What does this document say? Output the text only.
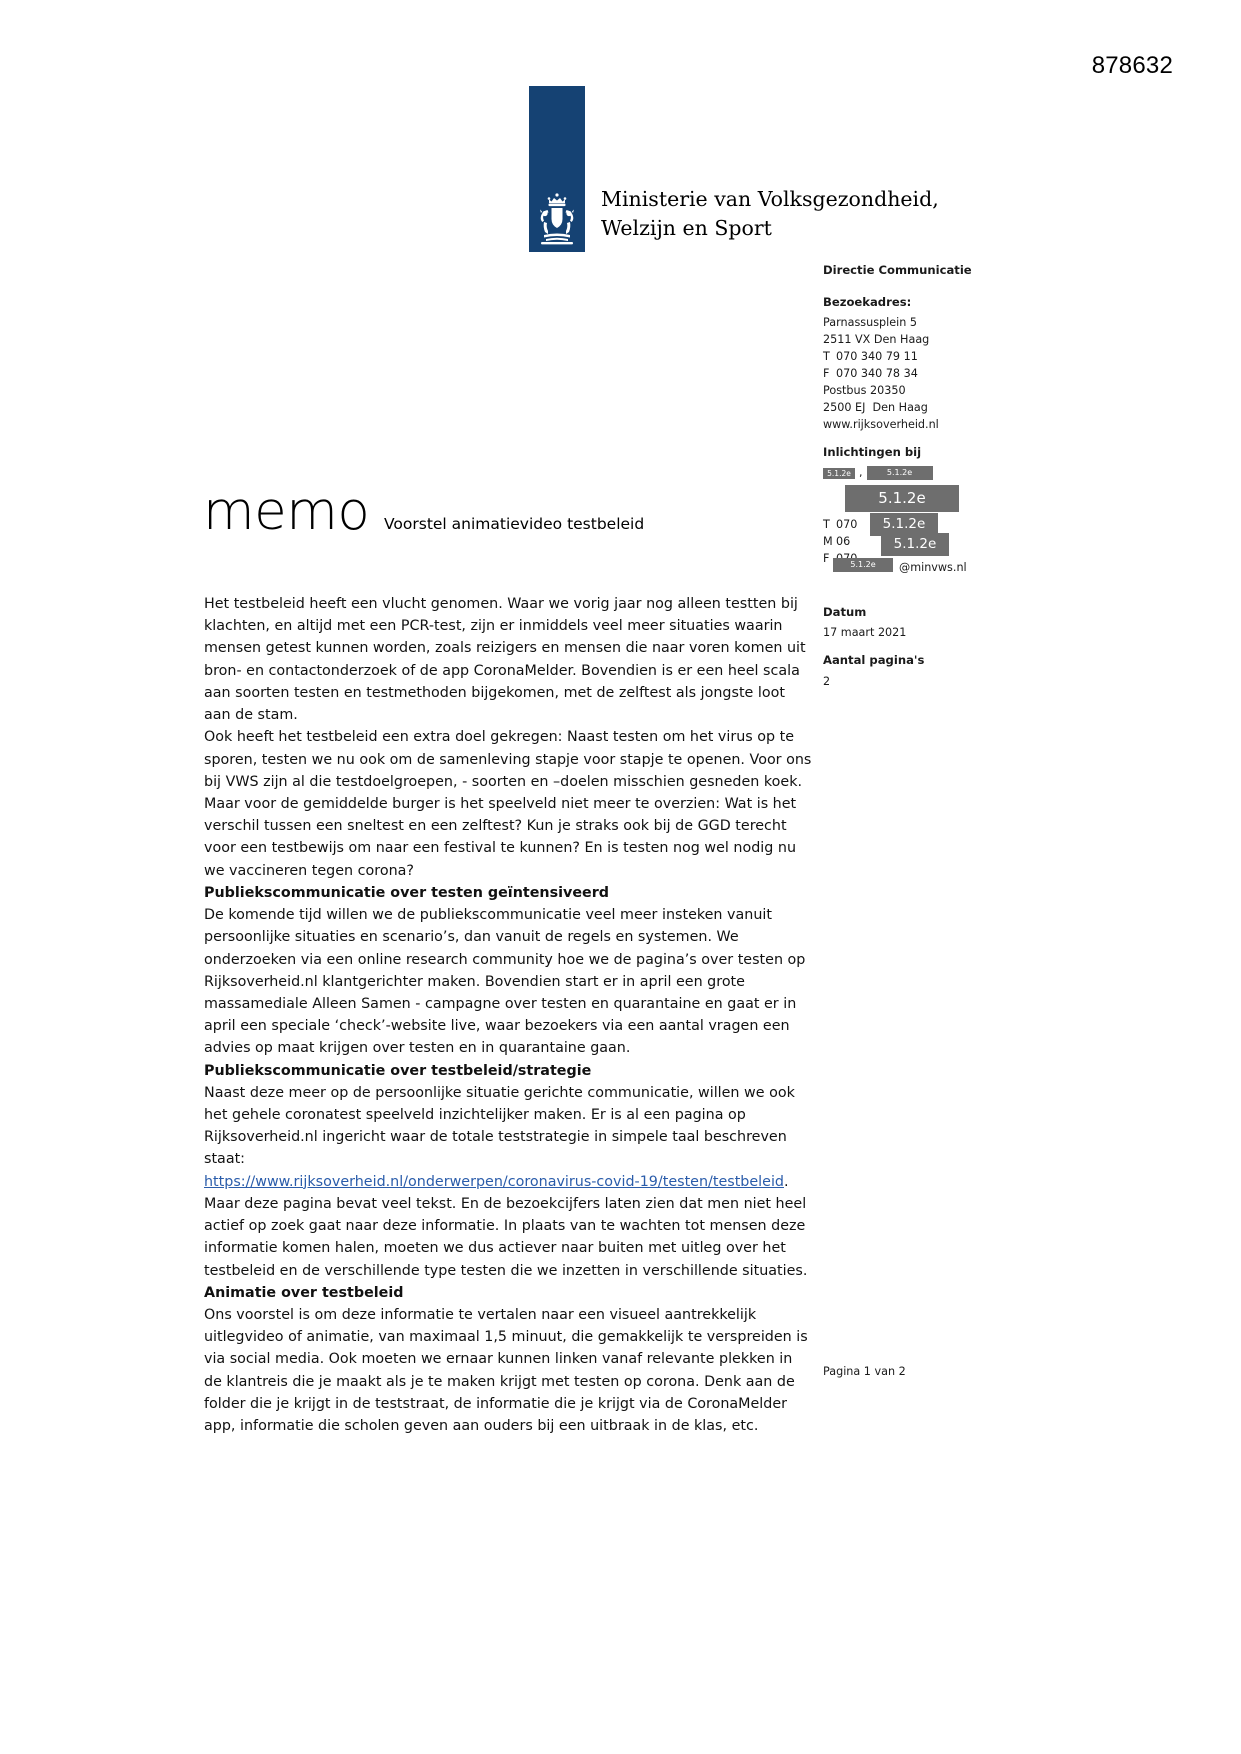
878632
Ministerie van Volksgezondheid,
Welzijn en Sport
Directie Communicatie
Bezoekadres:
Parnassusplein 5
2511 VX Den Haag
T 070 340 79 11
F 070 340 78 34
Postbus 20350
2500 EJ  Den Haag
www.rijksoverheid.nl
Inlichtingen bij
5.1.2e ,	5.1.2e
5.1.2e
T 070
M 06
F
5.1.2e
5.1.2e
5.1.2e	@minvws.nl
Datum
17 maart 2021
Aantal pagina's
2
memo Voorstel animatievideo testbeleid

Het testbeleid heeft een vlucht genomen. Waar we vorig jaar nog alleen testten bij klachten, en altijd met een PCR-test, zijn er inmiddels veel meer situaties waarin mensen getest kunnen worden, zoals reizigers en mensen die naar voren komen uit bron- en contactonderzoek of de app CoronaMelder. Bovendien is er een heel scala aan soorten testen en testmethoden bijgekomen, met de zelftest als jongste loot aan de stam.

Ook heeft het testbeleid een extra doel gekregen: Naast testen om het virus op te sporen, testen we nu ook om de samenleving stapje voor stapje te openen. Voor ons bij VWS zijn al die testdoelgroepen, - soorten en –doelen misschien gesneden koek. Maar voor de gemiddelde burger is het speelveld niet meer te overzien: Wat is het verschil tussen een sneltest en een zelftest? Kun je straks ook bij de GGD terecht voor een testbewijs om naar een festival te kunnen? En is testen nog wel nodig nu we vaccineren tegen corona?

Publiekscommunicatie over testen geïntensiveerd

De komende tijd willen we de publiekscommunicatie veel meer insteken vanuit persoonlijke situaties en scenario’s, dan vanuit de regels en systemen. We onderzoeken via een online research community hoe we de pagina’s over testen op Rijksoverheid.nl klantgerichter maken. Bovendien start er in april een grote massamediale Alleen Samen - campagne over testen en quarantaine en gaat er in april een speciale ‘check’-website live, waar bezoekers via een aantal vragen een advies op maat krijgen over testen en in quarantaine gaan.

Publiekscommunicatie over testbeleid/strategie

Naast deze meer op de persoonlijke situatie gerichte communicatie, willen we ook het gehele coronatest speelveld inzichtelijker maken. Er is al een pagina op Rijksoverheid.nl ingericht waar de totale teststrategie in simpele taal beschreven staat:
https://www.rijksoverheid.nl/onderwerpen/coronavirus-covid-19/testen/testbeleid. Maar deze pagina bevat veel tekst. En de bezoekcijfers laten zien dat men niet heel actief op zoek gaat naar deze informatie. In plaats van te wachten tot mensen deze informatie komen halen, moeten we dus actiever naar buiten met uitleg over het testbeleid en de verschillende type testen die we inzetten in verschillende situaties.

Animatie over testbeleid

Ons voorstel is om deze informatie te vertalen naar een visueel aantrekkelijk uitlegvideo of animatie, van maximaal 1,5 minuut, die gemakkelijk te verspreiden is via social media. Ook moeten we ernaar kunnen linken vanaf relevante plekken in de klantreis die je maakt als je te maken krijgt met testen op corona. Denk aan de folder die je krijgt in de teststraat, de informatie die je krijgt via de CoronaMelder app, informatie die scholen geven aan ouders bij een uitbraak in de klas, etc.

Pagina 1 van 2
